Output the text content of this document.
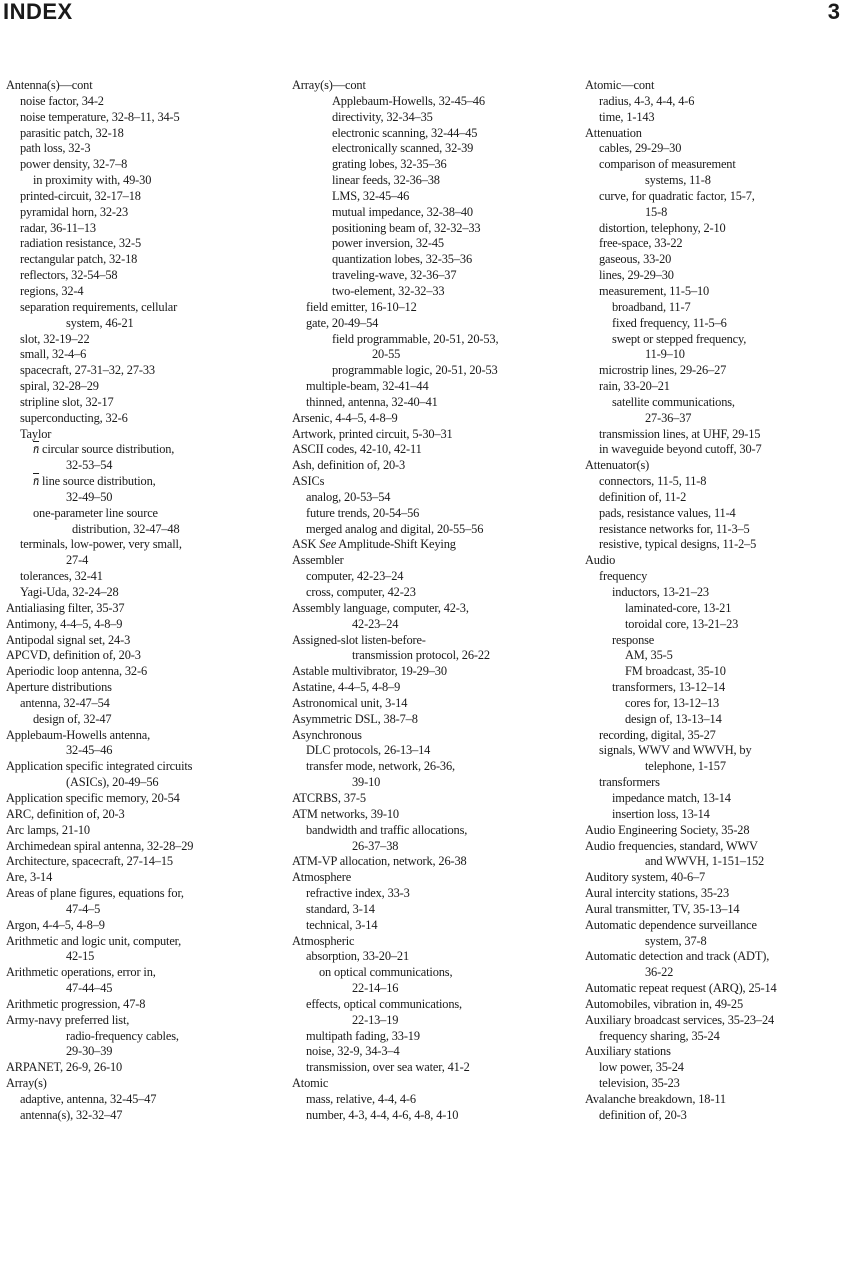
INDEX	3
Antenna(s)—cont
noise factor, 34-2
noise temperature, 32-8–11, 34-5
parasitic patch, 32-18
path loss, 32-3
power density, 32-7–8
in proximity with, 49-30
printed-circuit, 32-17–18
pyramidal horn, 32-23
radar, 36-11–13
radiation resistance, 32-5
rectangular patch, 32-18
reflectors, 32-54–58
regions, 32-4
separation requirements, cellular
system, 46-21
slot, 32-19–22
small, 32-4–6
spacecraft, 27-31–32, 27-33
spiral, 32-28–29
stripline slot, 32-17
superconducting, 32-6
Taylor
n̄ circular source distribution,
32-53–54
n̄ line source distribution,
32-49–50
one-parameter line source
distribution, 32-47–48
terminals, low-power, very small,
27-4
tolerances, 32-41
Yagi-Uda, 32-24–28
Antialiasing filter, 35-37
Antimony, 4-4–5, 4-8–9
Antipodal signal set, 24-3
APCVD, definition of, 20-3
Aperiodic loop antenna, 32-6
Aperture distributions
antenna, 32-47–54
design of, 32-47
Applebaum-Howells antenna,
32-45–46
Application specific integrated circuits
(ASICs), 20-49–56
Application specific memory, 20-54
ARC, definition of, 20-3
Arc lamps, 21-10
Archimedean spiral antenna, 32-28–29
Architecture, spacecraft, 27-14–15
Are, 3-14
Areas of plane figures, equations for,
47-4–5
Argon, 4-4–5, 4-8–9
Arithmetic and logic unit, computer,
42-15
Arithmetic operations, error in,
47-44–45
Arithmetic progression, 47-8
Army-navy preferred list,
radio-frequency cables,
29-30–39
ARPANET, 26-9, 26-10
Array(s)
adaptive, antenna, 32-45–47
antenna(s), 32-32–47
Array(s)—cont
Applebaum-Howells, 32-45–46
directivity, 32-34–35
electronic scanning, 32-44–45
electronically scanned, 32-39
grating lobes, 32-35–36
linear feeds, 32-36–38
LMS, 32-45–46
mutual impedance, 32-38–40
positioning beam of, 32-32–33
power inversion, 32-45
quantization lobes, 32-35–36
traveling-wave, 32-36–37
two-element, 32-32–33
field emitter, 16-10–12
gate, 20-49–54
field programmable, 20-51, 20-53,
20-55
programmable logic, 20-51, 20-53
multiple-beam, 32-41–44
thinned, antenna, 32-40–41
Arsenic, 4-4–5, 4-8–9
Artwork, printed circuit, 5-30–31
ASCII codes, 42-10, 42-11
Ash, definition of, 20-3
ASICs
analog, 20-53–54
future trends, 20-54–56
merged analog and digital, 20-55–56
ASK See Amplitude-Shift Keying
Assembler
computer, 42-23–24
cross, computer, 42-23
Assembly language, computer, 42-3,
42-23–24
Assigned-slot listen-before-
transmission protocol, 26-22
Astable multivibrator, 19-29–30
Astatine, 4-4–5, 4-8–9
Astronomical unit, 3-14
Asymmetric DSL, 38-7–8
Asynchronous
DLC protocols, 26-13–14
transfer mode, network, 26-36,
39-10
ATCRBS, 37-5
ATM networks, 39-10
bandwidth and traffic allocations,
26-37–38
ATM-VP allocation, network, 26-38
Atmosphere
refractive index, 33-3
standard, 3-14
technical, 3-14
Atmospheric
absorption, 33-20–21
on optical communications,
22-14–16
effects, optical communications,
22-13–19
multipath fading, 33-19
noise, 32-9, 34-3–4
transmission, over sea water, 41-2
Atomic
mass, relative, 4-4, 4-6
number, 4-3, 4-4, 4-6, 4-8, 4-10
Atomic—cont
radius, 4-3, 4-4, 4-6
time, 1-143
Attenuation
cables, 29-29–30
comparison of measurement
systems, 11-8
curve, for quadratic factor, 15-7,
15-8
distortion, telephony, 2-10
free-space, 33-22
gaseous, 33-20
lines, 29-29–30
measurement, 11-5–10
broadband, 11-7
fixed frequency, 11-5–6
swept or stepped frequency,
11-9–10
microstrip lines, 29-26–27
rain, 33-20–21
satellite communications,
27-36–37
transmission lines, at UHF, 29-15
in waveguide beyond cutoff, 30-7
Attenuator(s)
connectors, 11-5, 11-8
definition of, 11-2
pads, resistance values, 11-4
resistance networks for, 11-3–5
resistive, typical designs, 11-2–5
Audio
frequency
inductors, 13-21–23
laminated-core, 13-21
toroidal core, 13-21–23
response
AM, 35-5
FM broadcast, 35-10
transformers, 13-12–14
cores for, 13-12–13
design of, 13-13–14
recording, digital, 35-27
signals, WWV and WWVH, by
telephone, 1-157
transformers
impedance match, 13-14
insertion loss, 13-14
Audio Engineering Society, 35-28
Audio frequencies, standard, WWV
and WWVH, 1-151–152
Auditory system, 40-6–7
Aural intercity stations, 35-23
Aural transmitter, TV, 35-13–14
Automatic dependence surveillance
system, 37-8
Automatic detection and track (ADT),
36-22
Automatic repeat request (ARQ), 25-14
Automobiles, vibration in, 49-25
Auxiliary broadcast services, 35-23–24
frequency sharing, 35-24
Auxiliary stations
low power, 35-24
television, 35-23
Avalanche breakdown, 18-11
definition of, 20-3
